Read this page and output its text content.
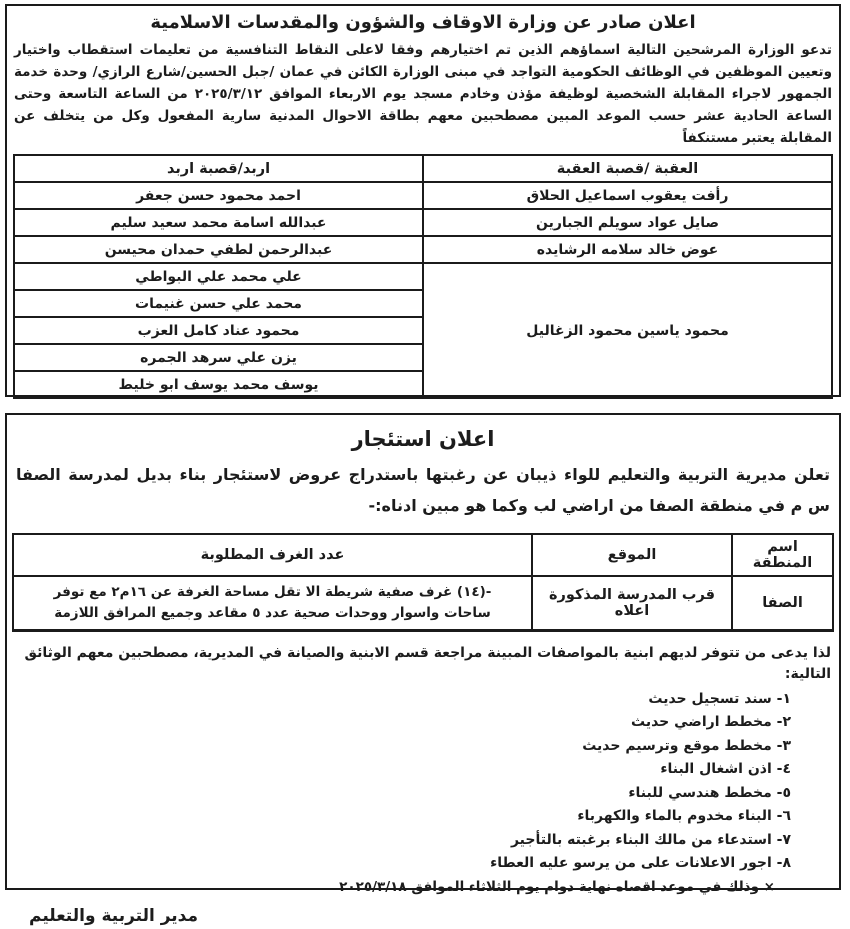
اعلان صادر عن وزارة الاوقاف والشؤون والمقدسات الاسلامية

تدعو الوزارة المرشحين التالية اسماؤهم الذين تم اختيارهم وفقا لاعلى النقاط التنافسية من تعليمات استقطاب واختيار وتعيين الموظفين في الوظائف الحكومية التواجد في مبنى الوزارة الكائن في عمان /جبل الحسين/شارع الرازي/ وحدة خدمة الجمهور لاجراء المقابلة الشخصية لوظيفة مؤذن وخادم مسجد يوم الاربعاء الموافق ٢٠٢٥/٣/١٢ من الساعة التاسعة وحتى الساعة الحادية عشر حسب الموعد المبين مصطحبين معهم بطاقة الاحوال المدنية سارية المفعول وكل من يتخلف عن المقابلة يعتبر مستنكفاً

العقبة /قصبة العقبة	اربد/قصبة اربد
رأفت يعقوب اسماعيل الحلاق	احمد محمود حسن جعفر
صايل عواد سويلم الجبارين	عبدالله اسامة محمد سعيد سليم
عوض خالد سلامه الرشايده	عبدالرحمن لطفي حمدان محيسن
محمود ياسين محمود الزغاليل	علي محمد علي البواطي
	محمد علي حسن غنيمات
	محمود عناد كامل العزب
	يزن علي سرهد الجمره
	يوسف محمد يوسف ابو خليط
اعلان استئجار

تعلن مديرية التربية والتعليم للواء ذيبان عن رغبتها باستدراج عروض لاستئجار بناء بديل لمدرسة الصفا س م في منطقة الصفا من اراضي لب وكما هو مبين ادناه:-

اسم المنطقة	الموقع	عدد الغرف المطلوبة
الصفا	قرب المدرسة المذكورة اعلاه	-(١٤) غرف صفية شريطة الا تقل مساحة الغرفة عن ١٦م٢ مع توفر ساحات واسوار ووحدات صحية عدد ٥ مقاعد وجميع المرافق اللازمة

لذا يدعى من تتوفر لديهم ابنية بالمواصفات المبينة مراجعة قسم الابنية والصيانة في المديرية، مصطحبين معهم الوثائق التالية:

١- سند تسجيل حديث
٢- مخطط اراضي حديث
٣- مخطط موقع وترسيم حديث
٤- اذن اشغال البناء
٥- مخطط هندسي للبناء
٦- البناء مخدوم بالماء والكهرباء
٧- استدعاء من مالك البناء برغبته بالتأجير
٨- اجور الاعلانات على من يرسو عليه العطاء

× وذلك في موعد اقصاه نهاية دوام يوم الثلاثاء الموافق ٢٠٢٥/٣/١٨

مدير التربية والتعليم
